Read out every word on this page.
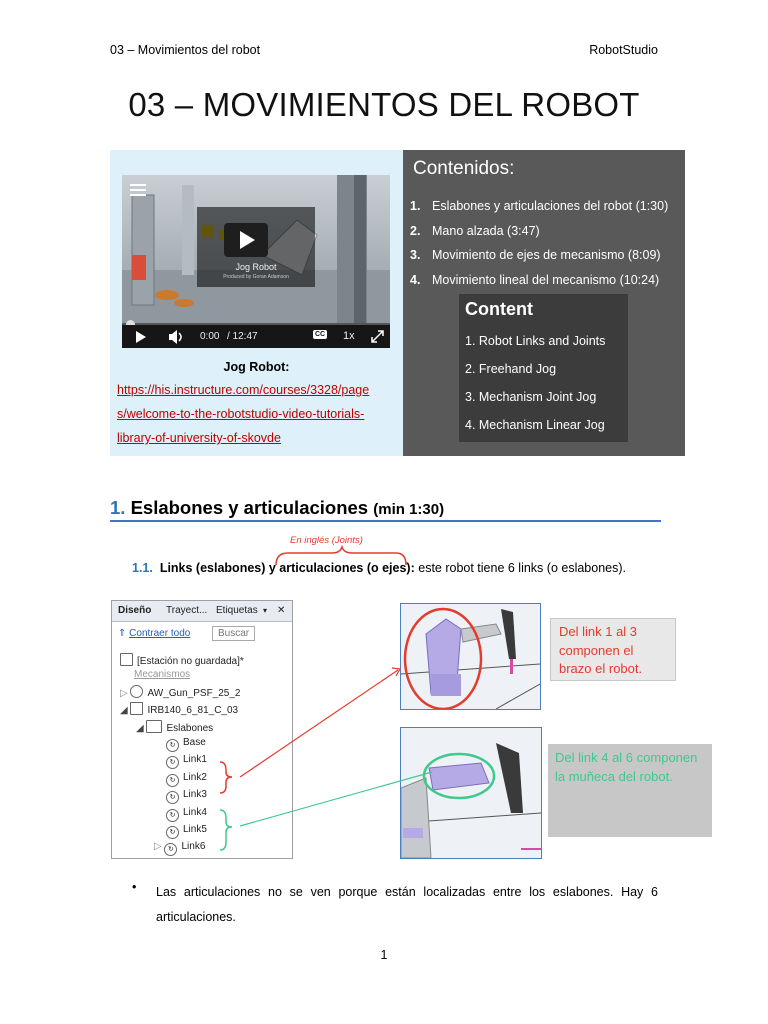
03 – Movimientos del robot	RobotStudio
03 – MOVIMIENTOS DEL ROBOT
Jog Robot
Produced by Goran Adamson
0:00 / 12:47	CC 1x
Jog Robot:
https://his.instructure.com/courses/3328/page
s/welcome-to-the-robotstudio-video-tutorials-
library-of-university-of-skovde
Contenidos:
1. Eslabones y articulaciones del robot (1:30)
2. Mano alzada (3:47)
3. Movimiento de ejes de mecanismo (8:09)
4. Movimiento lineal del mecanismo (10:24)
Content
1. Robot Links and Joints
2. Freehand Jog
3. Mechanism Joint Jog
4. Mechanism Linear Jog
1. Eslabones y articulaciones (min 1:30)
En inglés (Joints)
1.1. Links (eslabones) y articulaciones (o ejes): este robot tiene 6 links (o eslabones).
Diseño Trayect... Etiquetas ▾ ✕
⇑ Contraer todo	Buscar
[Estación no guardada]*
Mecanismos
▷ AW_Gun_PSF_25_2
◢ IRB140_6_81_C_03
◢ Eslabones
↻ Base
↻ Link1
↻ Link2
↻ Link3
↻ Link4
↻ Link5
▷ ↻ Link6
Del link 1 al 3 componen el brazo el robot.
Del link 4 al 6 componen la muñeca del robot.
• Las articulaciones no se ven porque están localizadas entre los eslabones. Hay 6 articulaciones.
1
